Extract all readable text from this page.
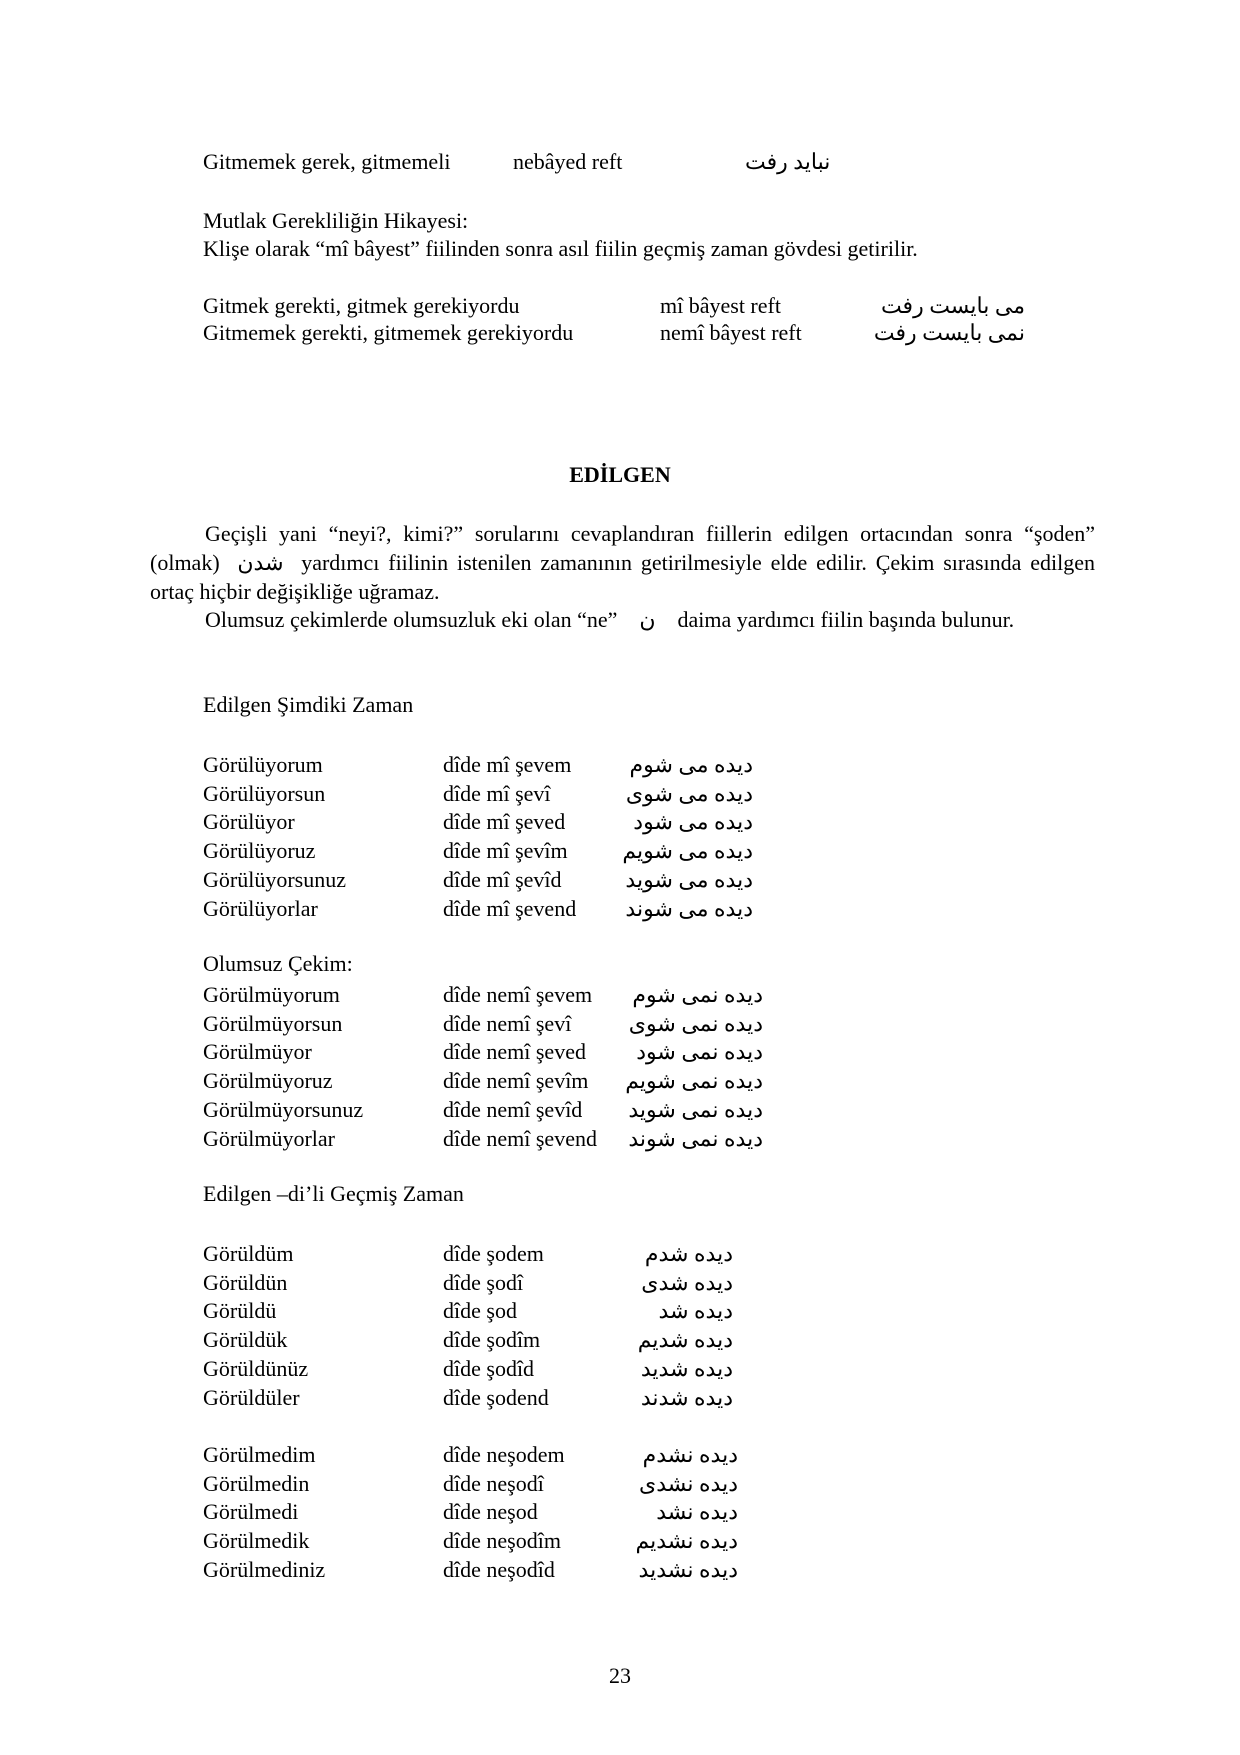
Gitmemek gerek, gitmemeli	nebâyed reft	نباید رفت
Mutlak Gerekliliğin Hikayesi:
Klişe olarak “mî bâyest” fiilinden sonra asıl fiilin geçmiş zaman gövdesi getirilir.
Gitmek gerekti, gitmek gerekiyordu	mî bâyest reft	می بایست رفت
Gitmemek gerekti, gitmemek gerekiyordu	nemî bâyest reft	نمی بایست رفت
EDİLGEN
Geçişli yani “neyi?, kimi?” sorularını cevaplandıran fiillerin edilgen ortacından sonra “şoden” (olmak) شدن yardımcı fiilinin istenilen zamanının getirilmesiyle elde edilir. Çekim sırasında edilgen ortaç hiçbir değişikliğe uğramaz.
Olumsuz çekimlerde olumsuzluk eki olan “ne” ن daima yardımcı fiilin başında bulunur.
Edilgen Şimdiki Zaman
Görülüyorum	dîde mî şevem	دیده می شوم
Görülüyorsun	dîde mî şevî	دیده می شوی
Görülüyor	dîde mî şeved	دیده می شود
Görülüyoruz	dîde mî şevîm دیده می شویم
Görülüyorsunuz	dîde mî şevîd	دیده می شوید
Görülüyorlar	dîde mî şevend دیده می شوند
Olumsuz Çekim:
Görülmüyorum	dîde nemî şevem	دیده نمی شوم
Görülmüyorsun	dîde nemî şevî	دیده نمی شوی
Görülmüyor	dîde nemî şeved	دیده نمی شود
Görülmüyoruz	dîde nemî şevîm دیده نمی شویم
Görülmüyorsunuz	dîde nemî şevîd دیده نمی شوید
Görülmüyorlar	dîde nemî şevend دیده نمی شوند
Edilgen –di’li Geçmiş Zaman
Görüldüm	dîde şodem	دیده شدم
Görüldün	dîde şodî	دیده شدی
Görüldü	dîde şod	دیده شد
Görüldük	dîde şodîm	دیده شدیم
Görüldünüz	dîde şodîd	دیده شدید
Görüldüler	dîde şodend	دیده شدند
Görülmedim	dîde neşodem	دیده نشدم
Görülmedin	dîde neşodî	دیده نشدی
Görülmedi	dîde neşod	دیده نشد
Görülmedik	dîde neşodîm	دیده نشدیم
Görülmediniz	dîde neşodîd	دیده نشدید
23
